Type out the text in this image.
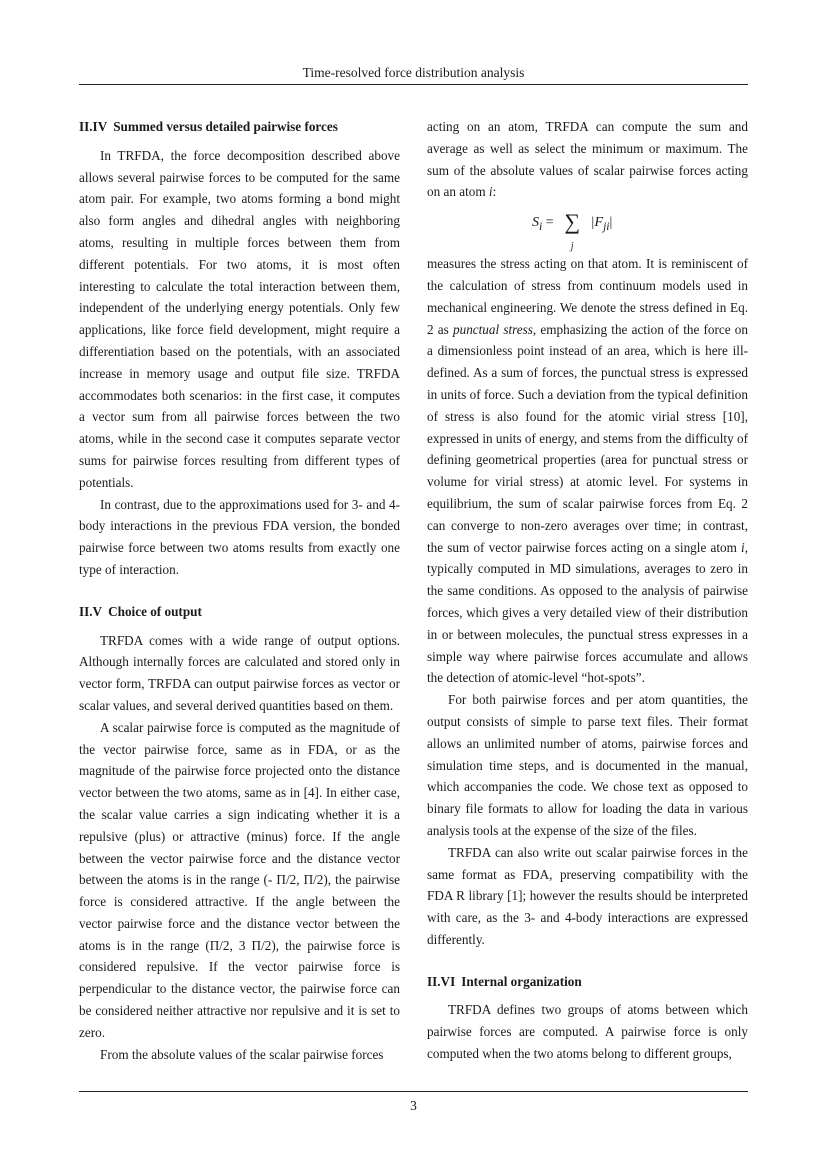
Time-resolved force distribution analysis
II.IV Summed versus detailed pairwise forces

In TRFDA, the force decomposition described above allows several pairwise forces to be computed for the same atom pair. For example, two atoms forming a bond might also form angles and dihedral angles with neighboring atoms, resulting in multiple forces between them from different potentials. For two atoms, it is most often interesting to calculate the total interaction between them, independent of the underlying energy potentials. Only few applications, like force field development, might require a differentiation based on the potentials, with an associated increase in memory usage and output file size. TRFDA accommodates both scenarios: in the first case, it computes a vector sum from all pairwise forces between the two atoms, while in the second case it computes separate vector sums for pairwise forces resulting from different types of potentials.

In contrast, due to the approximations used for 3- and 4-body interactions in the previous FDA version, the bonded pairwise force between two atoms results from exactly one type of interaction.

II.V Choice of output

TRFDA comes with a wide range of output options. Although internally forces are calculated and stored only in vector form, TRFDA can output pairwise forces as vector or scalar values, and several derived quantities based on them.

A scalar pairwise force is computed as the magnitude of the vector pairwise force, same as in FDA, or as the magnitude of the pairwise force projected onto the distance vector between the two atoms, same as in [4]. In either case, the scalar value carries a sign indicating whether it is a repulsive (plus) or attractive (minus) force. If the angle between the vector pairwise force and the distance vector between the atoms is in the range (- Π/2, Π/2), the pairwise force is considered attractive. If the angle between the vector pairwise force and the distance vector between the atoms is in the range (Π/2, 3 Π/2), the pairwise force is considered repulsive. If the vector pairwise force is perpendicular to the distance vector, the pairwise force can be considered neither attractive nor repulsive and it is set to zero.

From the absolute values of the scalar pairwise forces

acting on an atom, TRFDA can compute the sum and average as well as select the minimum or maximum. The sum of the absolute values of scalar pairwise forces acting on an atom i:

$S_i$ = ∑
j
$|F_{ji}|$

measures the stress acting on that atom. It is reminiscent of the calculation of stress from continuum models used in mechanical engineering. We denote the stress defined in Eq. 2 as punctual stress, emphasizing the action of the force on a dimensionless point instead of an area, which is here ill-defined. As a sum of forces, the punctual stress is expressed in units of force. Such a deviation from the typical definition of stress is also found for the atomic virial stress [10], expressed in units of energy, and stems from the difficulty of defining geometrical properties (area for punctual stress or volume for virial stress) at atomic level. For systems in equilibrium, the sum of scalar pairwise forces from Eq. 2 can converge to non-zero averages over time; in contrast, the sum of vector pairwise forces acting on a single atom i, typically computed in MD simulations, averages to zero in the same conditions. As opposed to the analysis of pairwise forces, which gives a very detailed view of their distribution in or between molecules, the punctual stress expresses in a simple way where pairwise forces accumulate and allows the detection of atomic-level “hot-spots”.

For both pairwise forces and per atom quantities, the output consists of simple to parse text files. Their format allows an unlimited number of atoms, pairwise forces and simulation time steps, and is documented in the manual, which accompanies the code. We chose text as opposed to binary file formats to allow for loading the data in various analysis tools at the expense of the size of the files.

TRFDA can also write out scalar pairwise forces in the same format as FDA, preserving compatibility with the FDA R library [1]; however the results should be interpreted with care, as the 3- and 4-body interactions are expressed differently.

II.VI Internal organization

TRFDA defines two groups of atoms between which pairwise forces are computed. A pairwise force is only computed when the two atoms belong to different groups,

3
